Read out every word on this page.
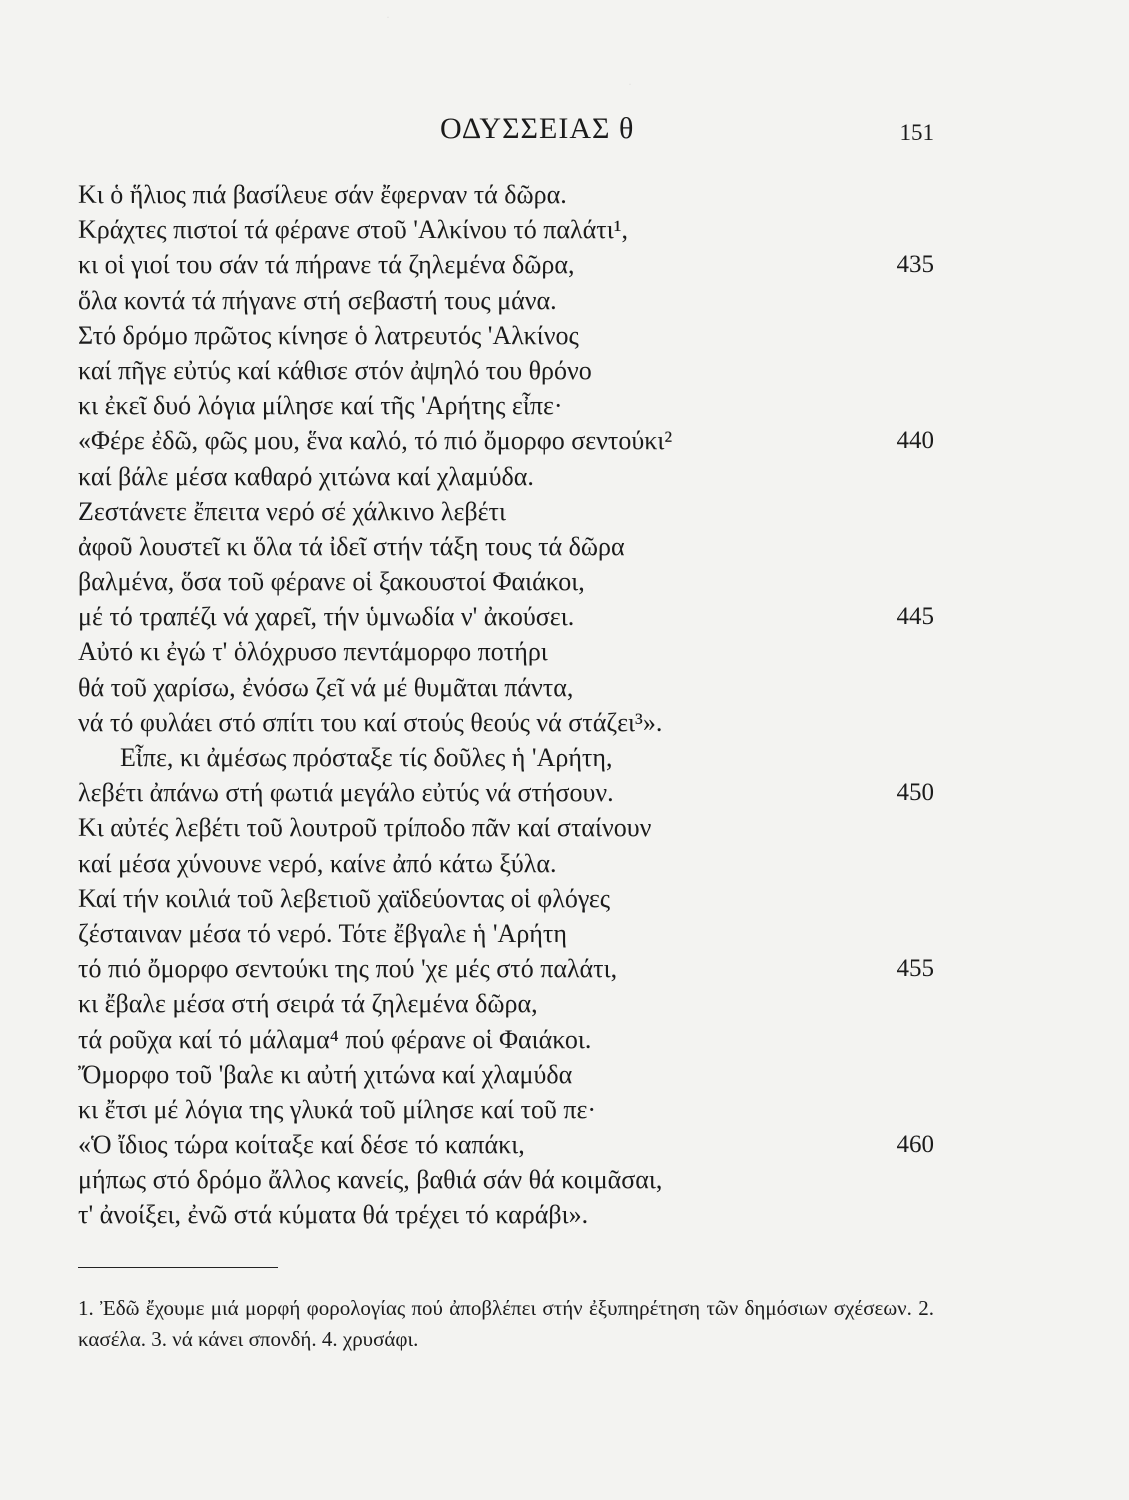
ΟΔΥΣΣΕΙΑΣ θ	151
Κι ὁ ἥλιος πιά βασίλευε σάν ἔφερναν τά δῶρα.
Κράχτες πιστοί τά φέρανε στοῦ 'Αλκίνου τό παλάτι¹,
κι οἱ γιοί του σάν τά πήρανε τά ζηλεμένα δῶρα,	435
ὅλα κοντά τά πήγανε στή σεβαστή τους μάνα.
Στό δρόμο πρῶτος κίνησε ὁ λατρευτός 'Αλκίνος
καί πῆγε εὐτύς καί κάθισε στόν ἀψηλό του θρόνο
κι ἐκεῖ δυό λόγια μίλησε καί τῆς 'Αρήτης εἶπε·
«Φέρε ἐδῶ, φῶς μου, ἕνα καλό, τό πιό ὄμορφο σεντούκι²	440
καί βάλε μέσα καθαρό χιτώνα καί χλαμύδα.
Ζεστάνετε ἔπειτα νερό σέ χάλκινο λεβέτι
ἀφοῦ λουστεῖ κι ὅλα τά ἰδεῖ στήν τάξη τους τά δῶρα
βαλμένα, ὅσα τοῦ φέρανε οἱ ξακουστοί Φαιάκοι,
μέ τό τραπέζι νά χαρεῖ, τήν ὑμνωδία ν' ἀκούσει.	445
Αὐτό κι ἐγώ τ' ὁλόχρυσο πεντάμορφο ποτήρι
θά τοῦ χαρίσω, ἐνόσω ζεῖ νά μέ θυμᾶται πάντα,
νά τό φυλάει στό σπίτι του καί στούς θεούς νά στάζει³».
Εἶπε, κι ἀμέσως πρόσταξε τίς δοῦλες ἡ 'Αρήτη,
λεβέτι ἀπάνω στή φωτιά μεγάλο εὐτύς νά στήσουν.	450
Κι αὐτές λεβέτι τοῦ λουτροῦ τρίποδο πᾶν καί σταίνουν
καί μέσα χύνουνε νερό, καίνε ἀπό κάτω ξύλα.
Καί τήν κοιλιά τοῦ λεβετιοῦ χαϊδεύοντας οἱ φλόγες
ζέσταιναν μέσα τό νερό. Τότε ἔβγαλε ἡ 'Αρήτη
τό πιό ὄμορφο σεντούκι της πού 'χε μές στό παλάτι,	455
κι ἔβαλε μέσα στή σειρά τά ζηλεμένα δῶρα,
τά ροῦχα καί τό μάλαμα⁴ πού φέρανε οἱ Φαιάκοι.
Ὄμορφο τοῦ 'βαλε κι αὐτή χιτώνα καί χλαμύδα
κι ἔτσι μέ λόγια της γλυκά τοῦ μίλησε καί τοῦ πε·
«Ὁ ἴδιος τώρα κοίταξε καί δέσε τό καπάκι,	460
μήπως στό δρόμο ἄλλος κανείς, βαθιά σάν θά κοιμᾶσαι,
τ' ἀνοίξει, ἐνῶ στά κύματα θά τρέχει τό καράβι».
1. Ἐδῶ ἔχουμε μιά μορφή φορολογίας πού ἀποβλέπει στήν ἐξυπηρέτηση τῶν δημόσιων σχέσεων. 2. κασέλα. 3. νά κάνει σπονδή. 4. χρυσάφι.
·
·
